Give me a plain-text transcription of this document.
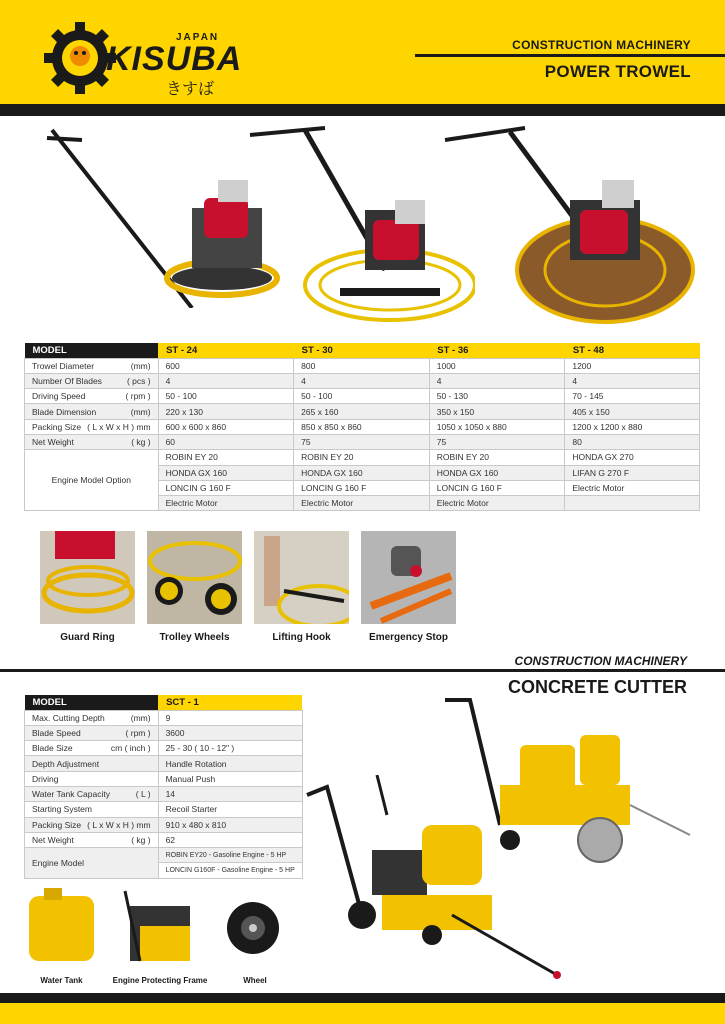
JAPAN
KISUBA
きすば
CONSTRUCTION MACHINERY
POWER TROWEL
MODEL	ST - 24	ST - 30	ST - 36	ST - 48

Trowel Diameter (mm)	600	800	1000	1200

Number Of Blades ( pcs )	4	4	4	4

Driving Speed ( rpm )	50 - 100	50 - 100	50 - 130	70 - 145

Blade Dimension (mm)	220 x 130	265 x 160	350 x 150	405 x 150

Packing Size ( L x W x H ) mm	600 x 600 x 860	850 x 850 x 860	1050 x 1050 x 880	1200 x 1200 x 880

Net Weight ( kg )	60	75	75	80
Engine Model Option	ROBIN EY 20	ROBIN EY 20	ROBIN EY 20	HONDA GX 270
	HONDA GX 160	HONDA GX 160	HONDA GX 160	LIFAN G 270 F
	LONCIN G 160 F	LONCIN G 160 F	LONCIN G 160 F	Electric Motor
	Electric Motor	Electric Motor	Electric Motor	
Guard Ring	Trolley Wheels	Lifting Hook	Emergency Stop
CONSTRUCTION MACHINERY
CONCRETE CUTTER
MODEL	SCT - 1

Max. Cutting Depth (mm)	9

Blade Speed ( rpm )	3600

Blade Size cm ( inch )	25 - 30 ( 10 - 12" )

Depth Adjustment	Handle Rotation

Driving	Manual Push

Water Tank Capacity ( L )	14

Starting System	Recoil Starter

Packing Size ( L x W x H ) mm	910 x 480 x 810

Net Weight ( kg )	62
Engine Model	ROBIN EY20 - Gasoline Engine - 5 HP
	LONCIN G160F - Gasoline Engine - 5 HP
Water Tank	Engine Protecting Frame	Wheel
